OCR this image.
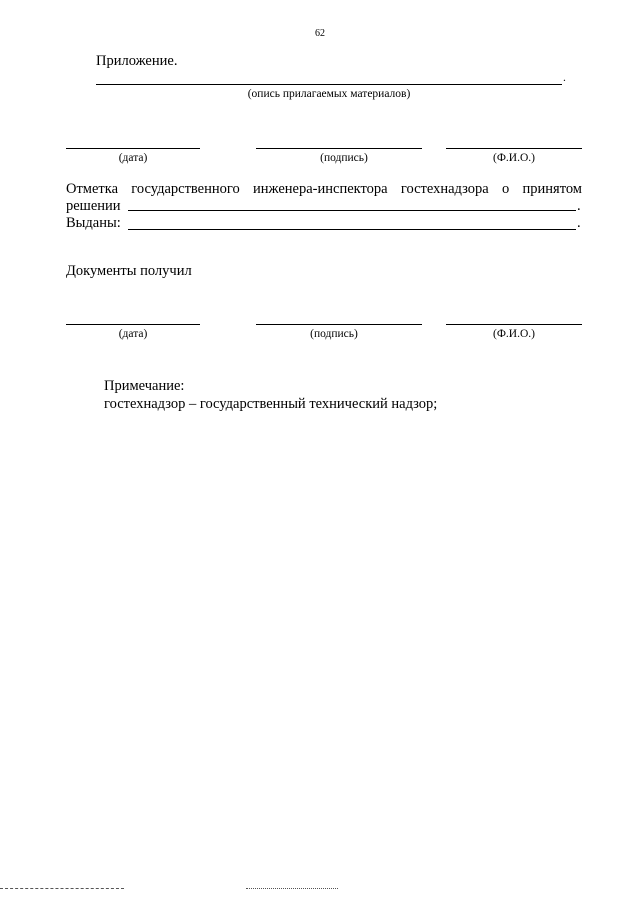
62
Приложение.
.
(опись прилагаемых материалов)
(дата)	(подпись)	(Ф.И.О.)
Отметка государственного инженера-инспектора гостехнадзора о принятом
решении	.
Выданы:	.
Документы получил
(дата)	(подпись)	(Ф.И.О.)
Примечание:
гостехнадзор – государственный технический надзор;
